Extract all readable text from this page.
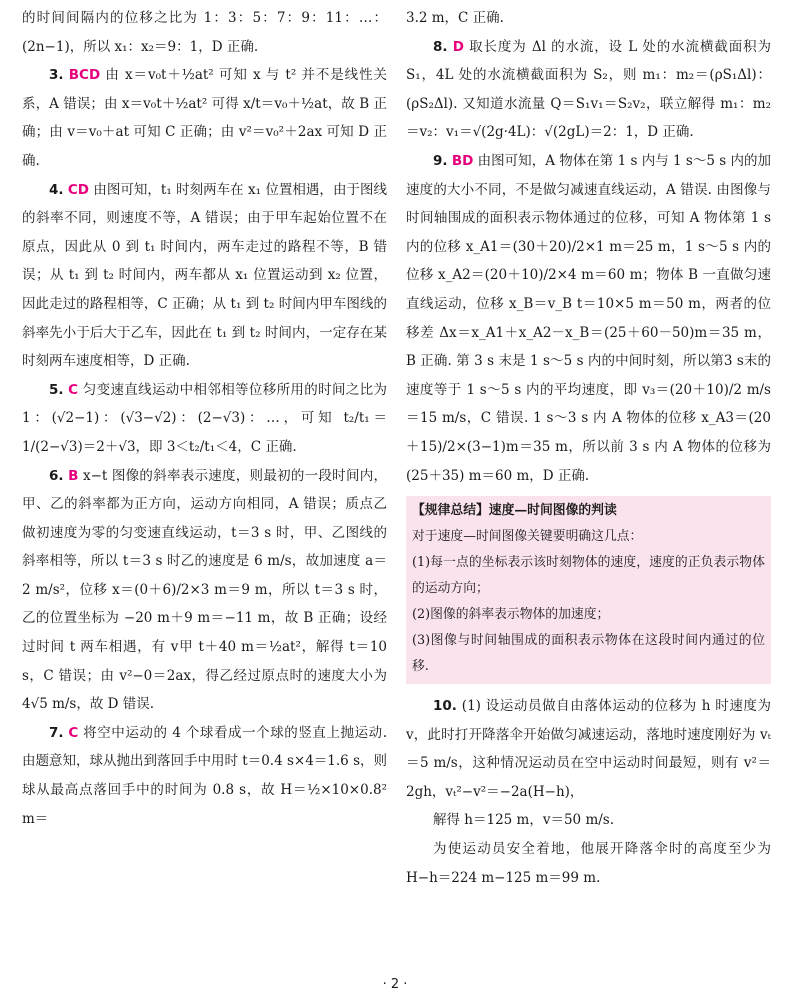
的时间间隔内的位移之比为 1：3：5：7：9：11：…：(2n−1)，所以 x₁：x₂＝9：1，D 正确.

3. BCD 由 x＝v₀t＋½at² 可知 x 与 t² 并不是线性关系，A 错误；由 x＝v₀t＋½at² 可得 x/t＝v₀＋½at，故 B 正确；由 v＝v₀＋at 可知 C 正确；由 v²＝v₀²＋2ax 可知 D 正确.

4. CD 由图可知，t₁ 时刻两车在 x₁ 位置相遇，由于图线的斜率不同，则速度不等，A 错误；由于甲车起始位置不在原点，因此从 0 到 t₁ 时间内，两车走过的路程不等，B 错误；从 t₁ 到 t₂ 时间内，两车都从 x₁ 位置运动到 x₂ 位置，因此走过的路程相等，C 正确；从 t₁ 到 t₂ 时间内甲车图线的斜率先小于后大于乙车，因此在 t₁ 到 t₂ 时间内，一定存在某时刻两车速度相等，D 正确.

5. C 匀变速直线运动中相邻相等位移所用的时间之比为 1：(√2−1)：(√3−√2)：(2−√3)：…，可知 t₂/t₁＝1/(2−√3)＝2＋√3，即 3＜t₂/t₁＜4，C 正确.

6. B x−t 图像的斜率表示速度，则最初的一段时间内，甲、乙的斜率都为正方向，运动方向相同，A 错误；质点乙做初速度为零的匀变速直线运动，t＝3 s 时，甲、乙图线的斜率相等，所以 t＝3 s 时乙的速度是 6 m/s，故加速度 a＝2 m/s²，位移 x＝(0＋6)/2×3 m＝9 m，所以 t＝3 s 时，乙的位置坐标为 −20 m＋9 m＝−11 m，故 B 正确；设经过时间 t 两车相遇，有 v甲 t＋40 m＝½at²，解得 t＝10 s，C 错误；由 v²−0＝2ax，得乙经过原点时的速度大小为 4√5 m/s，故 D 错误.

7. C 将空中运动的 4 个球看成一个球的竖直上抛运动. 由题意知，球从抛出到落回手中用时 t＝0.4 s×4＝1.6 s，则球从最高点落回手中的时间为 0.8 s，故 H＝½×10×0.8² m＝

3.2 m，C 正确.

8. D 取长度为 Δl 的水流，设 L 处的水流横截面积为 S₁，4L 处的水流横截面积为 S₂，则 m₁：m₂＝(ρS₁Δl)：(ρS₂Δl). 又知道水流量 Q＝S₁v₁＝S₂v₂，联立解得 m₁：m₂＝v₂：v₁＝√(2g·4L)：√(2gL)＝2：1，D 正确.

9. BD 由图可知，A 物体在第 1 s 内与 1 s～5 s 内的加速度的大小不同，不是做匀减速直线运动，A 错误. 由图像与时间轴围成的面积表示物体通过的位移，可知 A 物体第 1 s 内的位移 x_A1＝(30＋20)/2×1 m＝25 m，1 s～5 s 内的位移 x_A2＝(20＋10)/2×4 m＝60 m；物体 B 一直做匀速直线运动，位移 x_B＝v_B t＝10×5 m＝50 m，两者的位移差 Δx＝x_A1＋x_A2－x_B＝(25＋60－50)m＝35 m，B 正确. 第 3 s 末是 1 s～5 s 内的中间时刻，所以第3 s末的速度等于 1 s～5 s 内的平均速度，即 v₃＝(20＋10)/2 m/s＝15 m/s，C 错误. 1 s～3 s 内 A 物体的位移 x_A3＝(20＋15)/2×(3−1)m＝35 m，所以前 3 s 内 A 物体的位移为 (25＋35) m＝60 m，D 正确.

【规律总结】速度—时间图像的判读
对于速度—时间图像关键要明确这几点：
(1)每一点的坐标表示该时刻物体的速度，速度的正负表示物体的运动方向；
(2)图像的斜率表示物体的加速度；
(3)图像与时间轴围成的面积表示物体在这段时间内通过的位移.

10. (1) 设运动员做自由落体运动的位移为 h 时速度为 v，此时打开降落伞开始做匀减速运动，落地时速度刚好为 vₜ＝5 m/s，这种情况运动员在空中运动时间最短，则有 v²＝2gh，vₜ²−v²＝−2a(H−h)，

解得 h＝125 m，v＝50 m/s.

为使运动员安全着地，他展开降落伞时的高度至少为 H−h＝224 m−125 m＝99 m.

· 2 ·
